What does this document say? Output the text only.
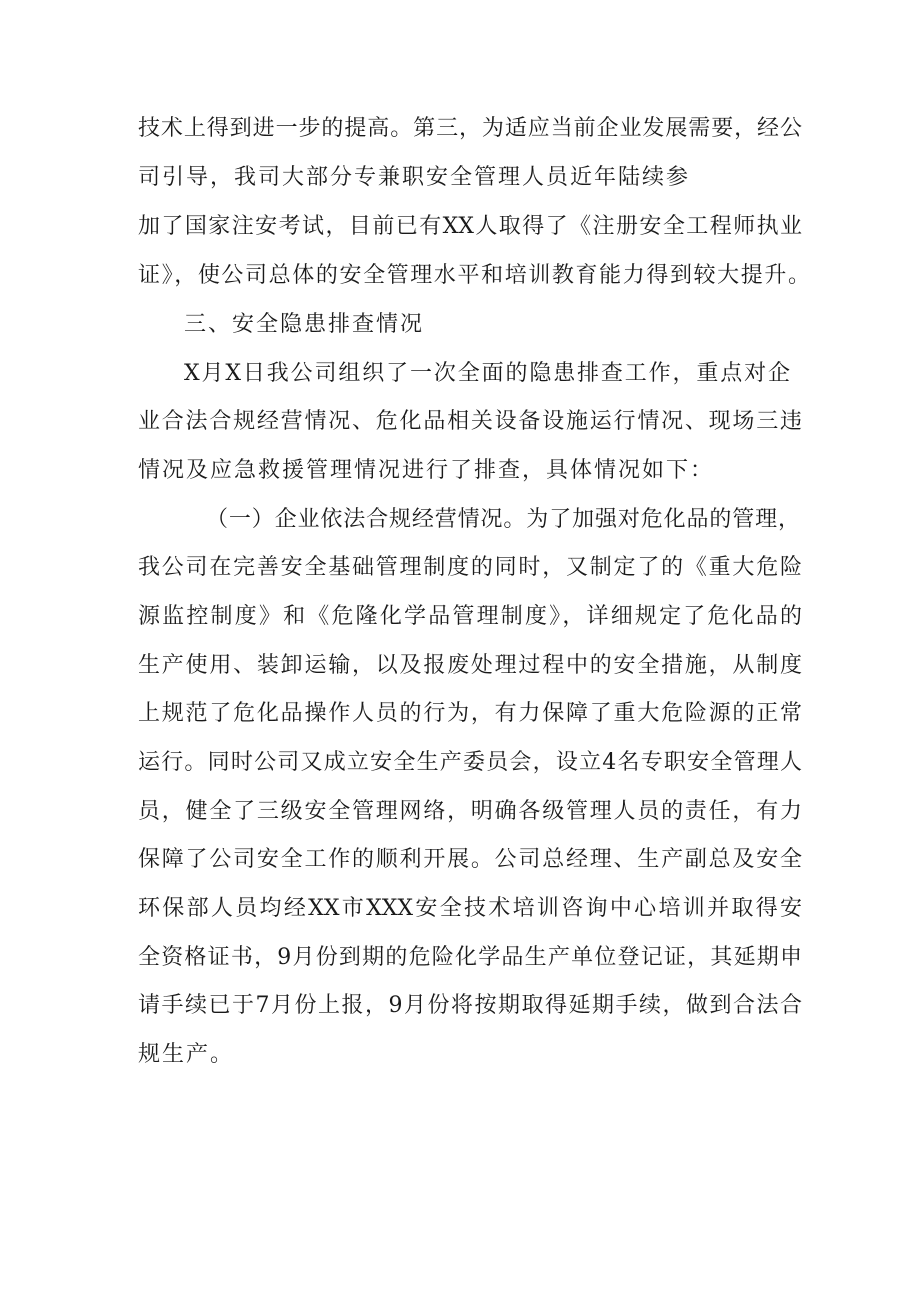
技术上得到进一步的提高。第三，为适应当前企业发展需要，经公
司引导，我司大部分专兼职安全管理人员近年陆续参
加了国家注安考试，目前已有XX人取得了《注册安全工程师执业
证》，使公司总体的安全管理水平和培训教育能力得到较大提升。
三、安全隐患排查情况
X月X日我公司组织了一次全面的隐患排查工作，重点对企
业合法合规经营情况、危化品相关设备设施运行情况、现场三违
情况及应急救援管理情况进行了排查，具体情况如下：
（一）企业依法合规经营情况。为了加强对危化品的管理，
我公司在完善安全基础管理制度的同时，又制定了的《重大危险
源监控制度》和《危隆化学品管理制度》，详细规定了危化品的
生产使用、装卸运输，以及报废处理过程中的安全措施，从制度
上规范了危化品操作人员的行为，有力保障了重大危险源的正常
运行。同时公司又成立安全生产委员会，设立4名专职安全管理人
员，健全了三级安全管理网络，明确各级管理人员的责任，有力
保障了公司安全工作的顺利开展。公司总经理、生产副总及安全
环保部人员均经XX市XXX安全技术培训咨询中心培训并取得安
全资格证书，9月份到期的危险化学品生产单位登记证，其延期申
请手续已于7月份上报，9月份将按期取得延期手续，做到合法合
规生产。
